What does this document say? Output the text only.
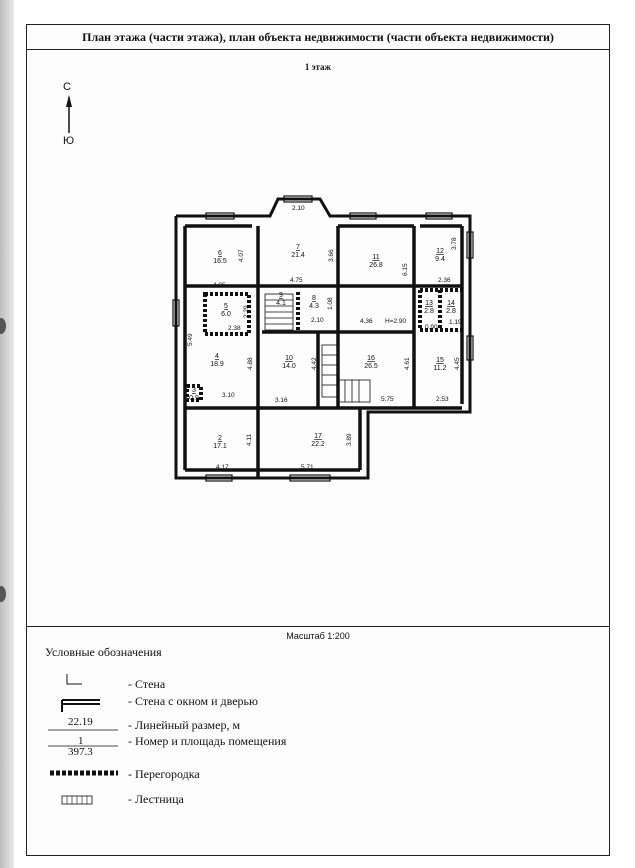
План этажа (части этажа), план объекта недвижимости (части объекта недвижимости)
1 этаж
С
Ю
Масштаб 1:200
Условные обозначения
6
16.5
7
21.4	11
26.8
12
9.4
5
6.0
8
4.3	13
2.8
14
2.8
4
18.9
10
14.0
16
26.5
15
11.2
2
17.1
17
22.2
9
4.1
3
0.9
2.10
4.07	3.66
3.78
4.75
6.15
4.05
2.36
2.29
1.08
2.38
2.10	4.36 H=2.90
0.90
1.19
5.49
4.88	4.42	4.61	4.45
3.10
3.16	5.75	2.53
4.11	3.89
4.17	5.71
- Стена
- Стена с окном и дверью
22.19	- Линейный размер, м
1
397.3
- Номер и площадь помещения
- Перегородка
- Лестница
